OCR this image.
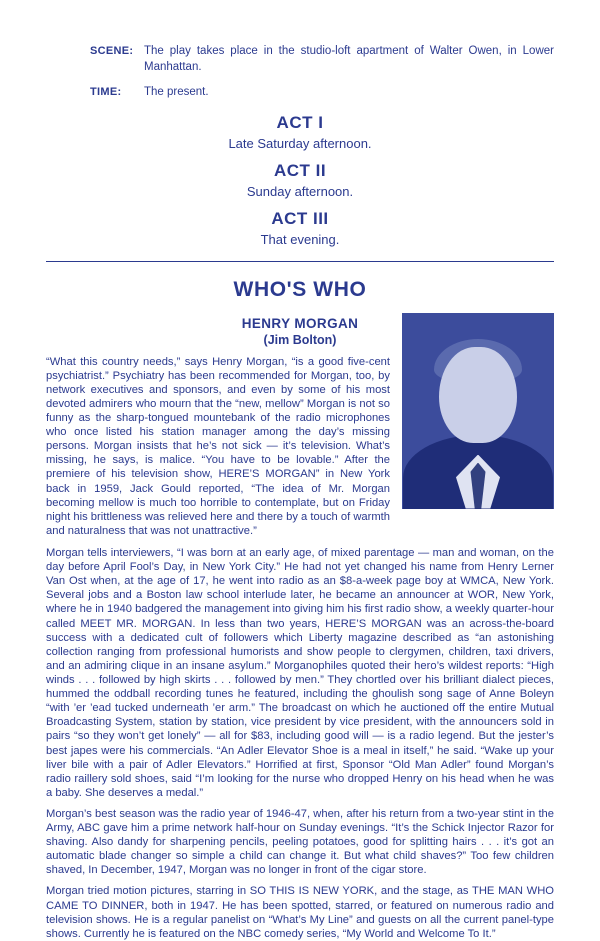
SCENE: The play takes place in the studio-loft apartment of Walter Owen, in Lower Manhattan.
TIME:	The present.
ACT I
Late Saturday afternoon.
ACT II
Sunday afternoon.
ACT III
That evening.
WHO'S WHO
HENRY MORGAN
(Jim Bolton)

“What this country needs,” says Henry Morgan, “is a good five-cent psychiatrist.” Psychiatry has been recommended for Morgan, too, by network executives and sponsors, and even by some of his most devoted admirers who mourn that the “new, mellow” Morgan is not so funny as the sharp-tongued mountebank of the radio microphones who once listed his station manager among the day’s missing persons. Morgan insists that he’s not sick — it’s television. What’s missing, he says, is malice. “You have to be lovable.” After the premiere of his television show, HERE’S MORGAN” in New York back in 1959, Jack Gould reported, “The idea of Mr. Morgan becoming mellow is much too horrible to contemplate, but on Friday night his brittleness was relieved here and there by a touch of warmth and naturalness that was not unattractive.”

Morgan tells interviewers, “I was born at an early age, of mixed parentage — man and woman, on the day before April Fool’s Day, in New York City.” He had not yet changed his name from Henry Lerner Van Ost when, at the age of 17, he went into radio as an $8-a-week page boy at WMCA, New York. Several jobs and a Boston law school interlude later, he became an announcer at WOR, New York, where he in 1940 badgered the management into giving him his first radio show, a weekly quarter-hour called MEET MR. MORGAN. In less than two years, HERE’S MORGAN was an across-the-board success with a dedicated cult of followers which Liberty magazine described as “an astonishing collection ranging from professional humorists and show people to clergymen, children, taxi drivers, and an admiring clique in an insane asylum.” Morganophiles quoted their hero’s wildest reports: “High winds . . . followed by high skirts . . . followed by men.” They chortled over his brilliant dialect pieces, hummed the oddball recording tunes he featured, including the ghoulish song sage of Anne Boleyn “with ’er ’ead tucked underneath ’er arm.” The broadcast on which he auctioned off the entire Mutual Broadcasting System, station by station, vice president by vice president, with the announcers sold in pairs “so they won’t get lonely” — all for $83, including good will — is a radio legend. But the jester’s best japes were his commercials. “An Adler Elevator Shoe is a meal in itself,” he said. “Wake up your liver bile with a pair of Adler Elevators.” Horrified at first, Sponsor “Old Man Adler” found Morgan’s radio raillery sold shoes, said “I’m looking for the nurse who dropped Henry on his head when he was a baby. She deserves a medal.”

Morgan’s best season was the radio year of 1946-47, when, after his return from a two-year stint in the Army, ABC gave him a prime network half-hour on Sunday evenings. “It’s the Schick Injector Razor for shaving. Also dandy for sharpening pencils, peeling potatoes, good for splitting hairs . . . it’s got an automatic blade changer so simple a child can change it. But what child shaves?” Too few children shaved, In December, 1947, Morgan was no longer in front of the cigar store.

Morgan tried motion pictures, starring in SO THIS IS NEW YORK, and the stage, as THE MAN WHO CAME TO DINNER, both in 1947. He has been spotted, starred, or featured on numerous radio and television shows. He is a regular panelist on “What’s My Line” and guests on all the current panel-type shows. Currently he is featured on the NBC comedy series, “My World and Welcome To It.”
